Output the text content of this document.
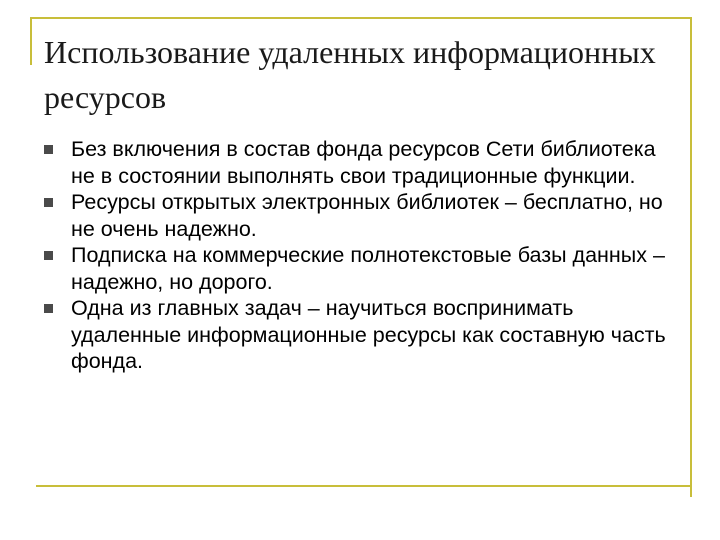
Использование удаленных информационных ресурсов
Без включения в состав фонда ресурсов Сети библиотека не в состоянии выполнять свои традиционные функции.
Ресурсы открытых электронных библиотек – бесплатно, но не очень надежно.
Подписка на коммерческие полнотекстовые базы данных – надежно, но дорого.
Одна из главных задач – научиться воспринимать удаленные информационные ресурсы как составную часть фонда.
